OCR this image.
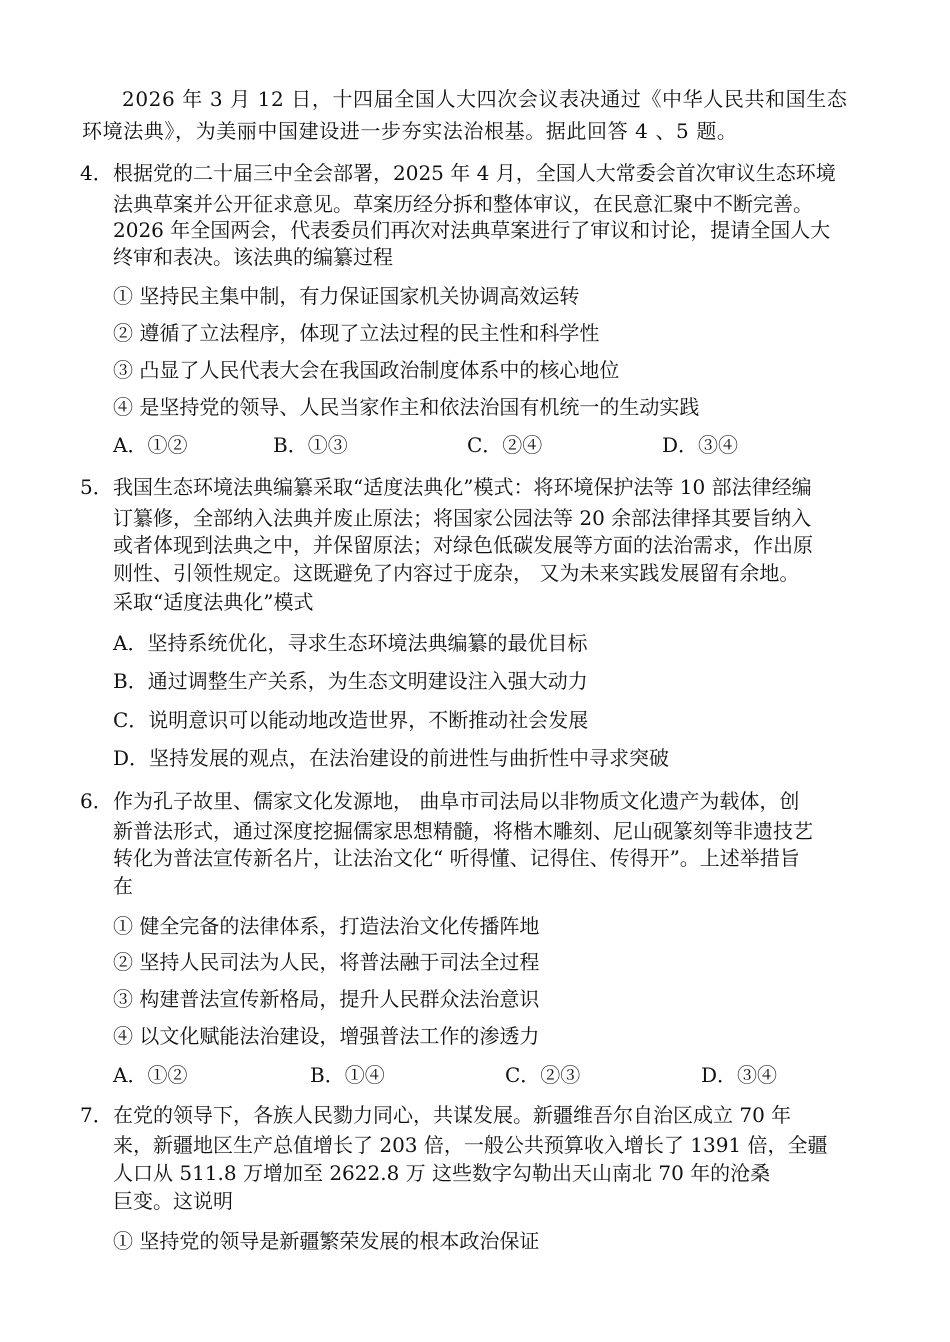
2026 年 3 月 12 日，十四届全国人大四次会议表决通过《中华人民共和国生态
环境法典》，为美丽中国建设进一步夯实法治根基。据此回答 4 、5 题。
4． 根据党的二十届三中全会部署，2025 年 4 月，全国人大常委会首次审议生态环境
法典草案并公开征求意见。草案历经分拆和整体审议，在民意汇聚中不断完善。
2026 年全国两会，代表委员们再次对法典草案进行了审议和讨论，提请全国人大
终审和表决。该法典的编纂过程
① 坚持民主集中制，有力保证国家机关协调高效运转
② 遵循了立法程序，体现了立法过程的民主性和科学性
③ 凸显了人民代表大会在我国政治制度体系中的核心地位
④ 是坚持党的领导、人民当家作主和依法治国有机统一的生动实践
A．①②	B．①③	C．②④	D．③④
5． 我国生态环境法典编纂采取“适度法典化”模式：将环境保护法等 10 部法律经编
订纂修，全部纳入法典并废止原法；将国家公园法等 20 余部法律择其要旨纳入
或者体现到法典之中，并保留原法；对绿色低碳发展等方面的法治需求，作出原
则性、引领性规定。这既避免了内容过于庞杂， 又为未来实践发展留有余地。
采取“适度法典化”模式
A．坚持系统优化，寻求生态环境法典编纂的最优目标
B．通过调整生产关系，为生态文明建设注入强大动力
C．说明意识可以能动地改造世界，不断推动社会发展
D．坚持发展的观点，在法治建设的前进性与曲折性中寻求突破
6． 作为孔子故里、儒家文化发源地， 曲阜市司法局以非物质文化遗产为载体，创
新普法形式，通过深度挖掘儒家思想精髓，将楷木雕刻、尼山砚篆刻等非遗技艺
转化为普法宣传新名片，让法治文化“ 听得懂、记得住、传得开”。上述举措旨
在
① 健全完备的法律体系，打造法治文化传播阵地
② 坚持人民司法为人民，将普法融于司法全过程
③ 构建普法宣传新格局，提升人民群众法治意识
④ 以文化赋能法治建设，增强普法工作的渗透力
A．①②	B．①④	C．②③	D．③④
7． 在党的领导下，各族人民勠力同心，共谋发展。新疆维吾尔自治区成立 70 年
来，新疆地区生产总值增长了 203 倍，一般公共预算收入增长了 1391 倍，全疆
人口从 511.8 万增加至 2622.8 万 这些数字勾勒出天山南北 70 年的沧桑
巨变。这说明
① 坚持党的领导是新疆繁荣发展的根本政治保证
